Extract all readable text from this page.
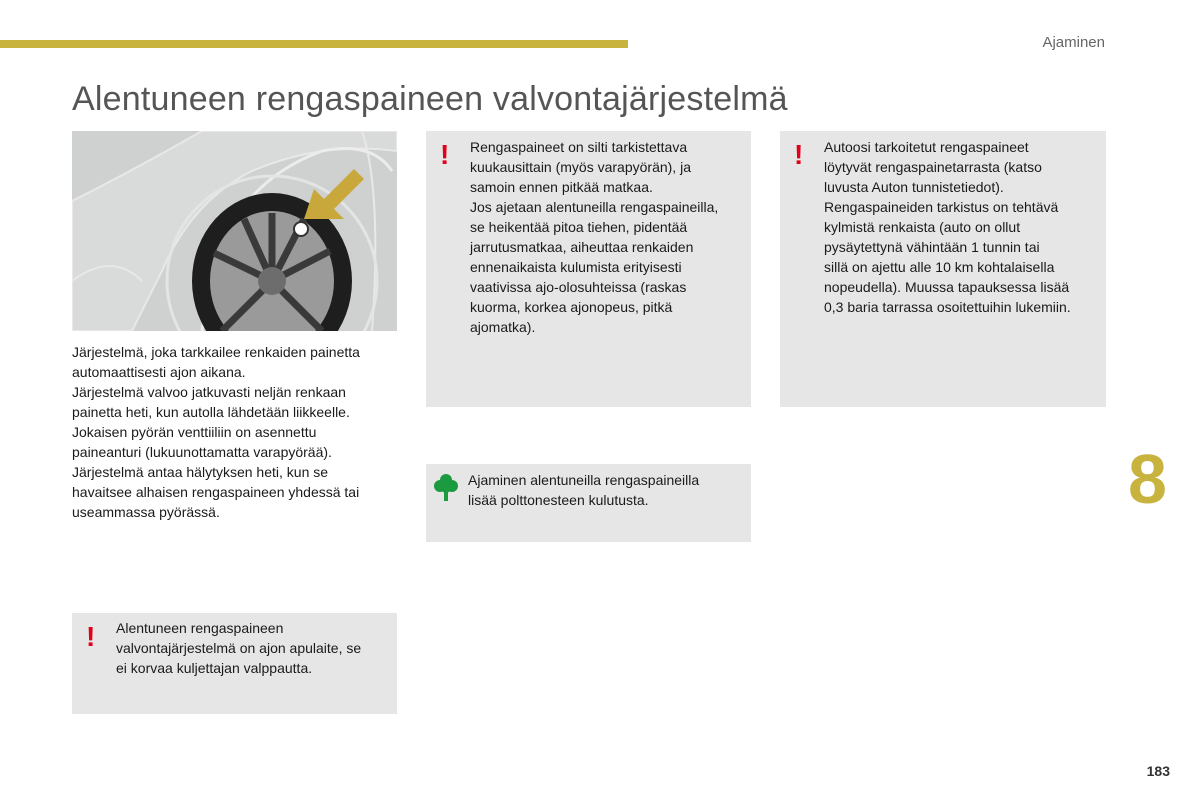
Ajaminen
Alentuneen rengaspaineen valvontajärjestelmä

Järjestelmä, joka tarkkailee renkaiden painetta

automaattisesti ajon aikana.

Järjestelmä valvoo jatkuvasti neljän renkaan

painetta heti, kun autolla lähdetään liikkeelle.

Jokaisen pyörän venttiiliin on asennettu

paineanturi (lukuunottamatta varapyörää).

Järjestelmä antaa hälytyksen heti, kun se

havaitsee alhaisen rengaspaineen yhdessä tai

useammassa pyörässä.

! Rengaspaineet on silti tarkistettava

kuukausittain (myös varapyörän), ja

samoin ennen pitkää matkaa.

Jos ajetaan alentuneilla rengaspaineilla,

se heikentää pitoa tiehen, pidentää

jarrutusmatkaa, aiheuttaa renkaiden

ennenaikaista kulumista erityisesti

vaativissa ajo-olosuhteissa (raskas

kuorma, korkea ajonopeus, pitkä

ajomatka).

! Autoosi tarkoitetut rengaspaineet

löytyvät rengaspainetarrasta (katso

luvusta Auton tunnistetiedot).

Rengaspaineiden tarkistus on tehtävä

kylmistä renkaista (auto on ollut

pysäytettynä vähintään 1 tunnin tai

sillä on ajettu alle 10 km kohtalaisella

nopeudella). Muussa tapauksessa lisää

0,3 baria tarrassa osoitettuihin lukemiin.

Ajaminen alentuneilla rengaspaineilla

lisää polttonesteen kulutusta.

! Alentuneen rengaspaineen

valvontajärjestelmä on ajon apulaite, se

ei korvaa kuljettajan valppautta.

8
183
